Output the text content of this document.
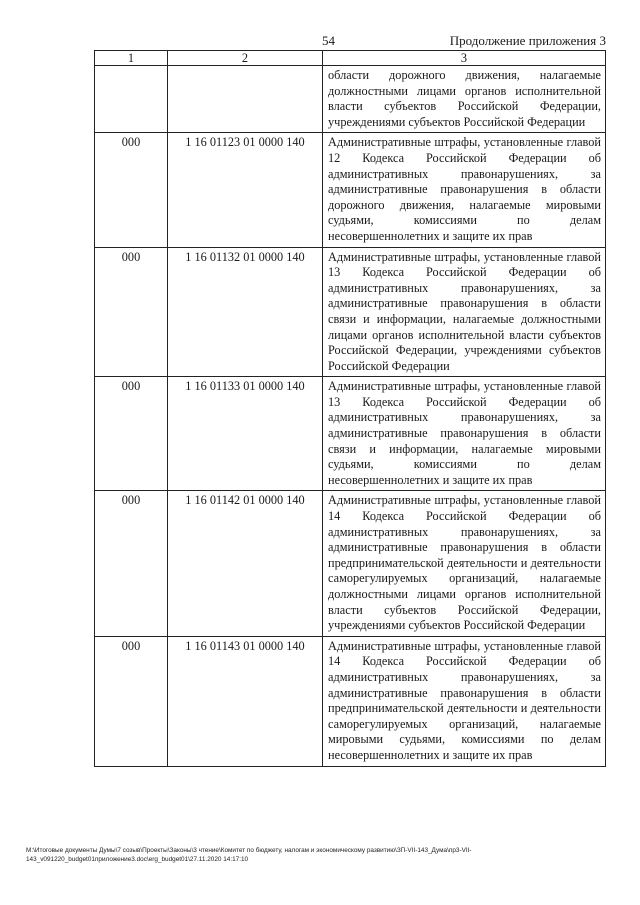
54	Продолжение приложения 3
1	2	3
		области дорожного движения, налагаемые должностными лицами органов исполнительной власти субъектов Российской Федерации, учреждениями субъектов Российской Федерации
000	1 16 01123 01 0000 140	Административные штрафы, установленные главой 12 Кодекса Российской Федерации об административных правонарушениях, за административные правонарушения в области дорожного движения, налагаемые мировыми судьями, комиссиями по делам несовершеннолетних и защите их прав
000	1 16 01132 01 0000 140	Административные штрафы, установленные главой 13 Кодекса Российской Федерации об административных правонарушениях, за административные правонарушения в области связи и информации, налагаемые должностными лицами органов исполнительной власти субъектов Российской Федерации, учреждениями субъектов Российской Федерации
000	1 16 01133 01 0000 140	Административные штрафы, установленные главой 13 Кодекса Российской Федерации об административных правонарушениях, за административные правонарушения в области связи и информации, налагаемые мировыми судьями, комиссиями по делам несовершеннолетних и защите их прав
000	1 16 01142 01 0000 140	Административные штрафы, установленные главой 14 Кодекса Российской Федерации об административных правонарушениях, за административные правонарушения в области предпринимательской деятельности и деятельности саморегулируемых организаций, налагаемые должностными лицами органов исполнительной власти субъектов Российской Федерации, учреждениями субъектов Российской Федерации
000	1 16 01143 01 0000 140	Административные штрафы, установленные главой 14 Кодекса Российской Федерации об административных правонарушениях, за административные правонарушения в области предпринимательской деятельности и деятельности саморегулируемых организаций, налагаемые мировыми судьями, комиссиями по делам несовершеннолетних и защите их прав
M:\Итоговые документы Думы\7 созыв\Проекты\Законы\3 чтение\Комитет по бюджету, налогам и экономическому развитию\ЗП-VII-143_Дума\пр3-VII-143_v091220_budget01приложение3.doc\erg_budget01\27.11.2020 14:17:10
